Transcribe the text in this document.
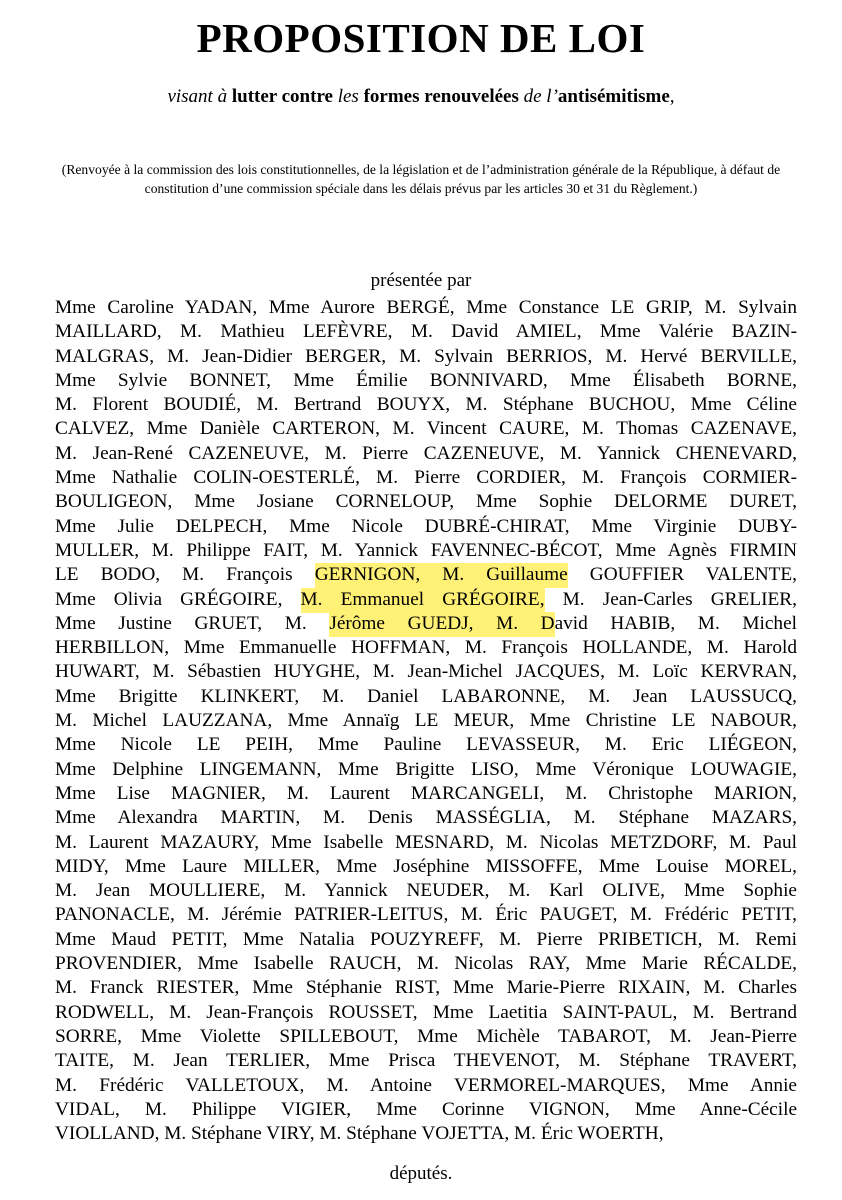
PROPOSITION DE LOI

visant à lutter contre les formes renouvelées de l’antisémitisme,

(Renvoyée à la commission des lois constitutionnelles, de la législation et de l’administration générale de la République, à défaut de constitution d’une commission spéciale dans les délais prévus par les articles 30 et 31 du Règlement.)

présentée par

Mme Caroline YADAN, Mme Aurore BERGÉ, Mme Constance LE GRIP, M. Sylvain
MAILLARD, M. Mathieu LEFÈVRE, M. David AMIEL, Mme Valérie BAZIN-
MALGRAS, M. Jean-Didier BERGER, M. Sylvain BERRIOS, M. Hervé BERVILLE,
Mme Sylvie BONNET, Mme Émilie BONNIVARD, Mme Élisabeth BORNE,
M. Florent BOUDIÉ, M. Bertrand BOUYX, M. Stéphane BUCHOU, Mme Céline
CALVEZ, Mme Danièle CARTERON, M. Vincent CAURE, M. Thomas CAZENAVE,
M. Jean-René CAZENEUVE, M. Pierre CAZENEUVE, M. Yannick CHENEVARD,
Mme Nathalie COLIN-OESTERLÉ, M. Pierre CORDIER, M. François CORMIER-
BOULIGEON, Mme Josiane CORNELOUP, Mme Sophie DELORME DURET,
Mme Julie DELPECH, Mme Nicole DUBRÉ-CHIRAT, Mme Virginie DUBY-
MULLER, M. Philippe FAIT, M. Yannick FAVENNEC-BÉCOT, Mme Agnès FIRMIN
LE BODO, M. François GERNIGON, M. Guillaume GOUFFIER VALENTE,
Mme Olivia GRÉGOIRE, M. Emmanuel GRÉGOIRE, M. Jean-Carles GRELIER,
Mme Justine GRUET, M. Jérôme GUEDJ, M. David HABIB, M. Michel
HERBILLON, Mme Emmanuelle HOFFMAN, M. François HOLLANDE, M. Harold
HUWART, M. Sébastien HUYGHE, M. Jean-Michel JACQUES, M. Loïc KERVRAN,
Mme Brigitte KLINKERT, M. Daniel LABARONNE, M. Jean LAUSSUCQ,
M. Michel LAUZZANA, Mme Annaïg LE MEUR, Mme Christine LE NABOUR,
Mme Nicole LE PEIH, Mme Pauline LEVASSEUR, M. Eric LIÉGEON,
Mme Delphine LINGEMANN, Mme Brigitte LISO, Mme Véronique LOUWAGIE,
Mme Lise MAGNIER, M. Laurent MARCANGELI, M. Christophe MARION,
Mme Alexandra MARTIN, M. Denis MASSÉGLIA, M. Stéphane MAZARS,
M. Laurent MAZAURY, Mme Isabelle MESNARD, M. Nicolas METZDORF, M. Paul
MIDY, Mme Laure MILLER, Mme Joséphine MISSOFFE, Mme Louise MOREL,
M. Jean MOULLIERE, M. Yannick NEUDER, M. Karl OLIVE, Mme Sophie
PANONACLE, M. Jérémie PATRIER-LEITUS, M. Éric PAUGET, M. Frédéric PETIT,
Mme Maud PETIT, Mme Natalia POUZYREFF, M. Pierre PRIBETICH, M. Remi
PROVENDIER, Mme Isabelle RAUCH, M. Nicolas RAY, Mme Marie RÉCALDE,
M. Franck RIESTER, Mme Stéphanie RIST, Mme Marie-Pierre RIXAIN, M. Charles
RODWELL, M. Jean-François ROUSSET, Mme Laetitia SAINT-PAUL, M. Bertrand
SORRE, Mme Violette SPILLEBOUT, Mme Michèle TABAROT, M. Jean-Pierre
TAITE, M. Jean TERLIER, Mme Prisca THEVENOT, M. Stéphane TRAVERT,
M. Frédéric VALLETOUX, M. Antoine VERMOREL-MARQUES, Mme Annie
VIDAL, M. Philippe VIGIER, Mme Corinne VIGNON, Mme Anne-Cécile
VIOLLAND, M. Stéphane VIRY, M. Stéphane VOJETTA, M. Éric WOERTH,

députés.
